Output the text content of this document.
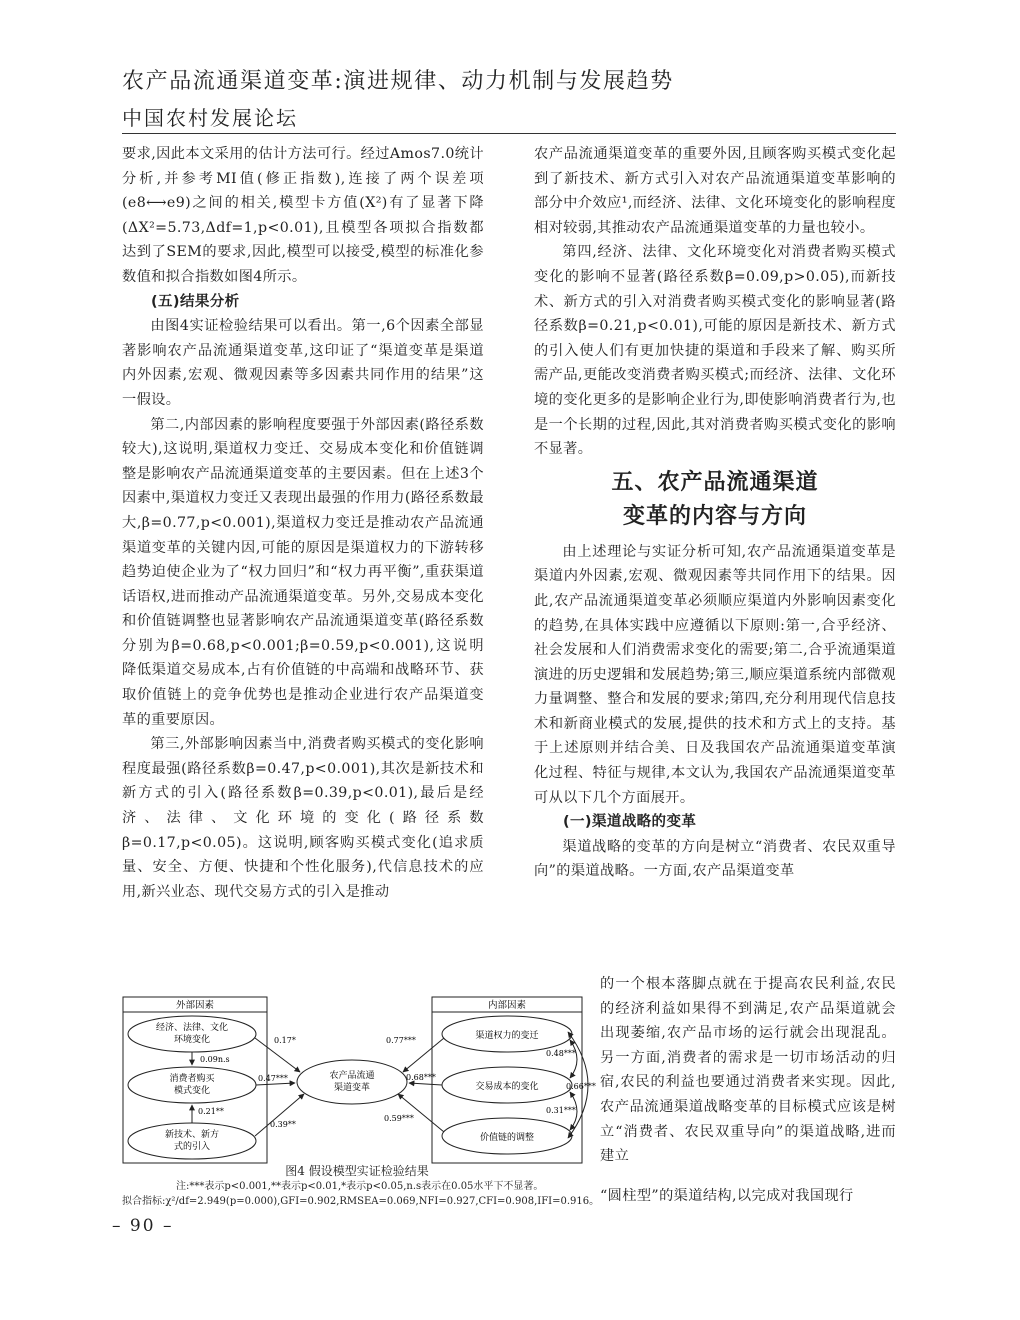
农产品流通渠道变革:演进规律、动力机制与发展趋势
中国农村发展论坛

要求,因此本文采用的估计方法可行。经过Amos7.0统计分析,并参考MI值(修正指数),连接了两个误差项(e8⟷e9)之间的相关,模型卡方值(X²)有了显著下降(ΔX²=5.73,Δdf=1,p<0.01),且模型各项拟合指数都达到了SEM的要求,因此,模型可以接受,模型的标准化参数值和拟合指数如图4所示。

(五)结果分析

由图4实证检验结果可以看出。第一,6个因素全部显著影响农产品流通渠道变革,这印证了“渠道变革是渠道内外因素,宏观、微观因素等多因素共同作用的结果”这一假设。

第二,内部因素的影响程度要强于外部因素(路径系数较大),这说明,渠道权力变迁、交易成本变化和价值链调整是影响农产品流通渠道变革的主要因素。但在上述3个因素中,渠道权力变迁又表现出最强的作用力(路径系数最大,β=0.77,p<0.001),渠道权力变迁是推动农产品流通渠道变革的关键内因,可能的原因是渠道权力的下游转移趋势迫使企业为了“权力回归”和“权力再平衡”,重获渠道话语权,进而推动产品流通渠道变革。另外,交易成本变化和价值链调整也显著影响农产品流通渠道变革(路径系数分别为β=0.68,p<0.001;β=0.59,p<0.001),这说明降低渠道交易成本,占有价值链的中高端和战略环节、获取价值链上的竞争优势也是推动企业进行农产品渠道变革的重要原因。

第三,外部影响因素当中,消费者购买模式的变化影响程度最强(路径系数β=0.47,p<0.001),其次是新技术和新方式的引入(路径系数β=0.39,p<0.01),最后是经济、法律、文化环境的变化(路径系数β=0.17,p<0.05)。这说明,顾客购买模式变化(追求质量、安全、方便、快捷和个性化服务),代信息技术的应用,新兴业态、现代交易方式的引入是推动

农产品流通渠道变革的重要外因,且顾客购买模式变化起到了新技术、新方式引入对农产品流通渠道变革影响的部分中介效应¹,而经济、法律、文化环境变化的影响程度相对较弱,其推动农产品流通渠道变革的力量也较小。

第四,经济、法律、文化环境变化对消费者购买模式变化的影响不显著(路径系数β=0.09,p>0.05),而新技术、新方式的引入对消费者购买模式变化的影响显著(路径系数β=0.21,p<0.01),可能的原因是新技术、新方式的引入使人们有更加快捷的渠道和手段来了解、购买所需产品,更能改变消费者购买模式;而经济、法律、文化环境的变化更多的是影响企业行为,即使影响消费者行为,也是一个长期的过程,因此,其对消费者购买模式变化的影响不显著。

五、农产品流通渠道
变革的内容与方向

由上述理论与实证分析可知,农产品流通渠道变革是渠道内外因素,宏观、微观因素等共同作用下的结果。因此,农产品流通渠道变革必须顺应渠道内外影响因素变化的趋势,在具体实践中应遵循以下原则:第一,合乎经济、社会发展和人们消费需求变化的需要;第二,合乎流通渠道演进的历史逻辑和发展趋势;第三,顺应渠道系统内部微观力量调整、整合和发展的要求;第四,充分利用现代信息技术和新商业模式的发展,提供的技术和方式上的支持。基于上述原则并结合美、日及我国农产品流通渠道变革演化过程、特征与规律,本文认为,我国农产品流通渠道变革可从以下几个方面展开。

(一)渠道战略的变革

渠道战略的变革的方向是树立“消费者、农民双重导向”的渠道战略。一方面,农产品渠道变革

的一个根本落脚点就在于提高农民利益,农民的经济利益如果得不到满足,农产品渠道就会出现萎缩,农产品市场的运行就会出现混乱。另一方面,消费者的需求是一切市场活动的归宿,农民的利益也要通过消费者来实现。因此,农产品流通渠道战略变革的目标模式应该是树立“消费者、农民双重导向”的渠道战略,进而建立

“圆柱型”的渠道结构,以完成对我国现行
外部因素	内部因素
经济、法律、文化
环境变化
消费者购买
模式变化
新技术、新方
式的引入
农产品流通
渠道变革
渠道权力的变迁
交易成本的变化
价值链的调整
0.17*
0.09n.s
0.47***
0.21**
0.39**
0.77***
0.68***
0.59***
0.48***
0.66***
0.31***
图4 假设模型实证检验结果
注:***表示p<0.001,**表示p<0.01,*表示p<0.05,n.s表示在0.05水平下不显著。
拟合指标:χ²/df=2.949(p=0.000),GFI=0.902,RMSEA=0.069,NFI=0.927,CFI=0.908,IFI=0.916。
– 90 –
